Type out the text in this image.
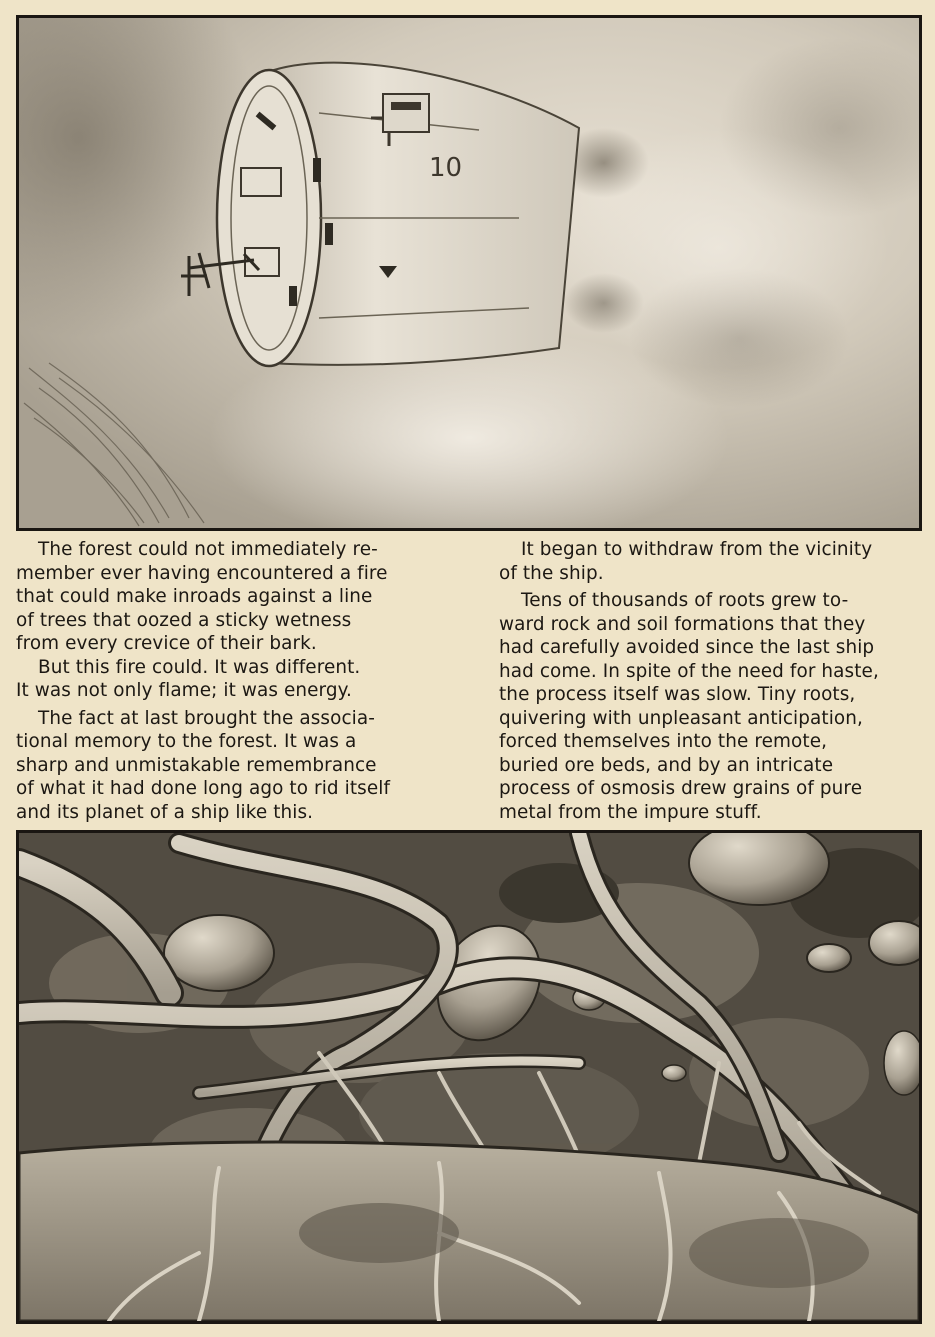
10

The forest could not immediately re-
member ever having encountered a fire
that could make inroads against a line
of trees that oozed a sticky wetness
from every crevice of their bark.

But this fire could. It was different.
It was not only flame; it was energy.

The fact at last brought the associa-
tional memory to the forest. It was a
sharp and unmistakable remembrance
of what it had done long ago to rid itself
and its planet of a ship like this.

It began to withdraw from the vicinity
of the ship.

Tens of thousands of roots grew to-
ward rock and soil formations that they
had carefully avoided since the last ship
had come. In spite of the need for haste,
the process itself was slow. Tiny roots,
quivering with unpleasant anticipation,
forced themselves into the remote,
buried ore beds, and by an intricate
process of osmosis drew grains of pure
metal from the impure stuff.
